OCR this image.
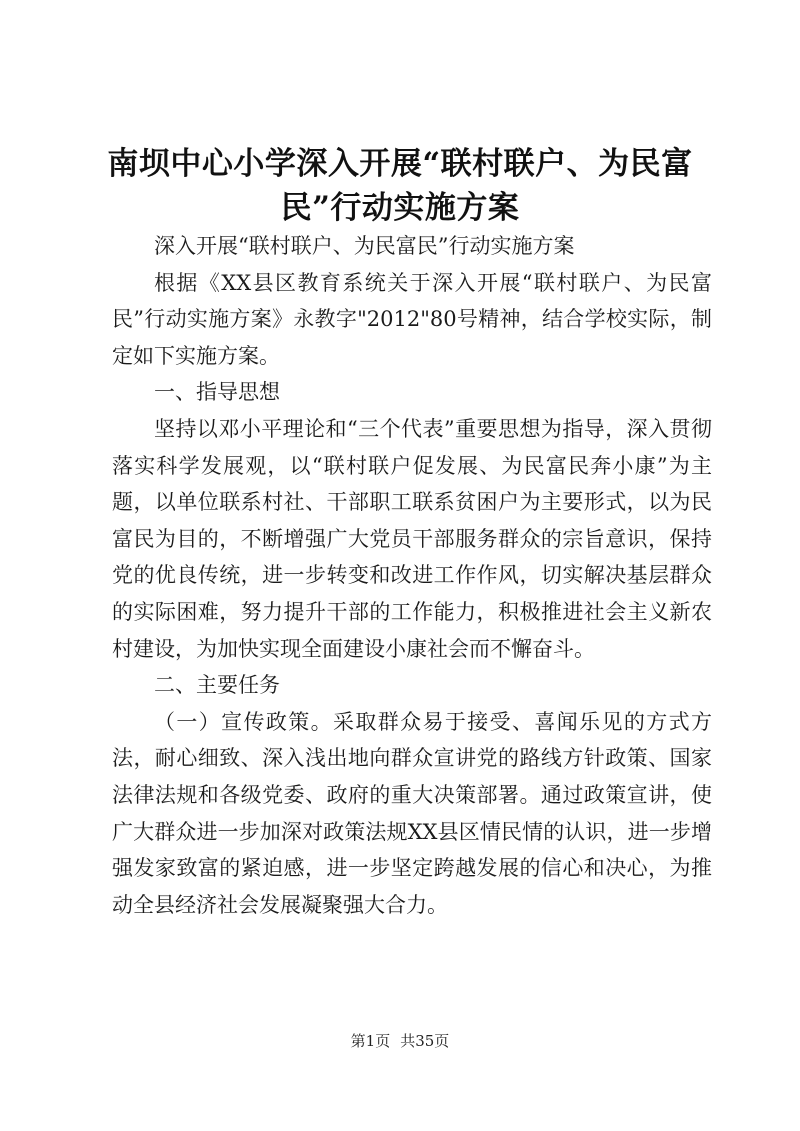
南坝中心小学深入开展“联村联户、为民富
民”行动实施方案

深入开展“联村联户、为民富民”行动实施方案

根据《XX县区教育系统关于深入开展“联村联户、为民富民”行动实施方案》永教字"2012"80号精神，结合学校实际，制定如下实施方案。

一、指导思想

坚持以邓小平理论和“三个代表”重要思想为指导，深入贯彻落实科学发展观，以“联村联户促发展、为民富民奔小康”为主题，以单位联系村社、干部职工联系贫困户为主要形式，以为民富民为目的，不断增强广大党员干部服务群众的宗旨意识，保持党的优良传统，进一步转变和改进工作作风，切实解决基层群众的实际困难，努力提升干部的工作能力，积极推进社会主义新农村建设，为加快实现全面建设小康社会而不懈奋斗。

二、主要任务

（一）宣传政策。采取群众易于接受、喜闻乐见的方式方法，耐心细致、深入浅出地向群众宣讲党的路线方针政策、国家法律法规和各级党委、政府的重大决策部署。通过政策宣讲，使广大群众进一步加深对政策法规XX县区情民情的认识，进一步增强发家致富的紧迫感，进一步坚定跨越发展的信心和决心，为推动全县经济社会发展凝聚强大合力。

第1页 共35页
